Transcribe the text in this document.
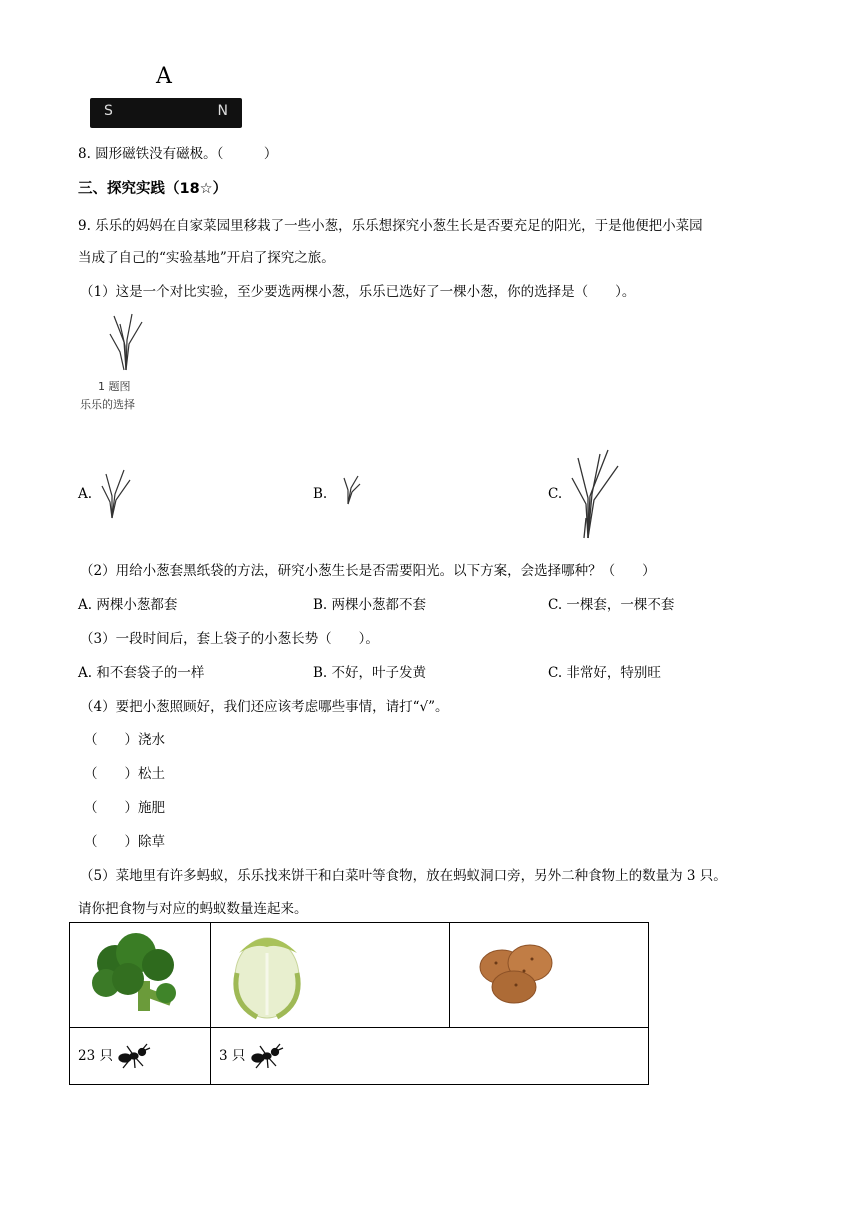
A
S	N
8. 圆形磁铁没有磁极。（　　　）
三、探究实践（18☆）
9. 乐乐的妈妈在自家菜园里移栽了一些小葱，乐乐想探究小葱生长是否要充足的阳光，于是他便把小菜园
当成了自己的“实验基地”开启了探究之旅。
（1）这是一个对比实验，至少要选两棵小葱，乐乐已选好了一棵小葱，你的选择是（　　）。
1 题图
乐乐的选择
A.	B.	C.
（2）用给小葱套黑纸袋的方法，研究小葱生长是否需要阳光。以下方案，会选择哪种？（　　）
A. 两棵小葱都套	B. 两棵小葱都不套	C. 一棵套，一棵不套
（3）一段时间后，套上袋子的小葱长势（　　）。
A. 和不套袋子的一样	B. 不好，叶子发黄	C. 非常好，特别旺
（4）要把小葱照顾好，我们还应该考虑哪些事情，请打“√”。
（　　）浇水
（　　）松土
（　　）施肥
（　　）除草
（5）菜地里有许多蚂蚁，乐乐找来饼干和白菜叶等食物，放在蚂蚁洞口旁，另外二种食物上的数量为 3 只。
请你把食物与对应的蚂蚁数量连起来。

23 只	3 只	
